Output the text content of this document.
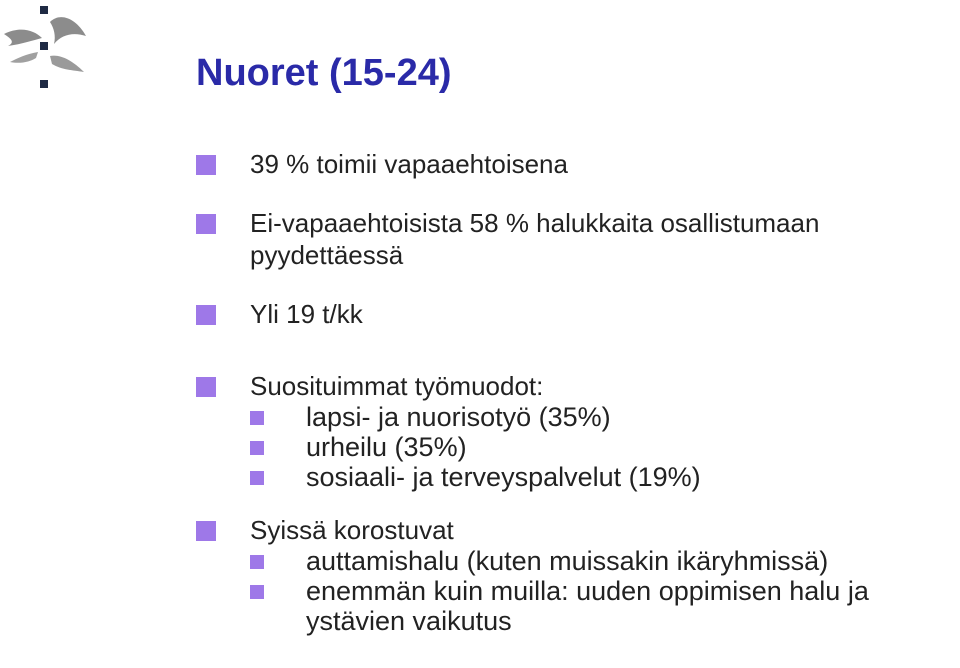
Nuoret (15-24)
39 % toimii vapaaehtoisena
Ei-vapaaehtoisista 58 % halukkaita osallistumaan pyydettäessä
Yli 19 t/kk
Suosituimmat työmuodot:
lapsi- ja nuorisotyö (35%)
urheilu (35%)
sosiaali- ja terveyspalvelut (19%)
Syissä korostuvat
auttamishalu (kuten muissakin ikäryhmissä)
enemmän kuin muilla: uuden oppimisen halu ja ystävien vaikutus
